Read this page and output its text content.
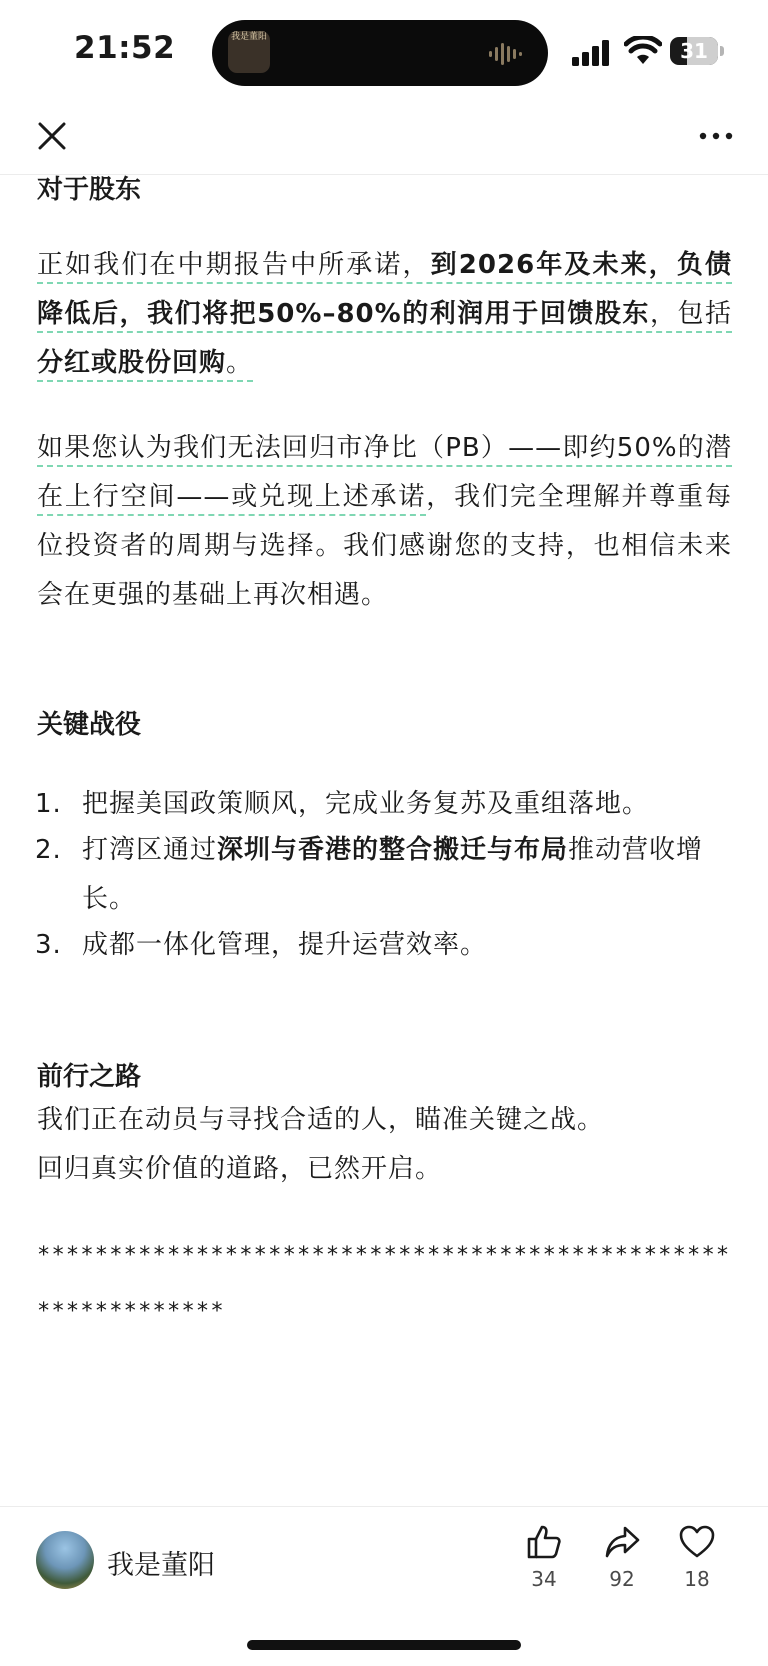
21:52	我是董阳
31

对于股东

正如我们在中期报告中所承诺，到2026年及未来，负债降低后，我们将把50%–80%的利润用于回馈股东，包括分红或股份回购。

如果您认为我们无法回归市净比（PB）——即约50%的潜在上行空间——或兑现上述承诺，我们完全理解并尊重每位投资者的周期与选择。我们感谢您的支持，也相信未来会在更强的基础上再次相遇。

关键战役

1. 把握美国政策顺风，完成业务复苏及重组落地。
2. 打湾区通过深圳与香港的整合搬迁与布局推动营收增长。
3. 成都一体化管理，提升运营效率。

前行之路

我们正在动员与寻找合适的人，瞄准关键之战。

回归真实价值的道路，已然开启。

*************************************************************

我是董阳	34	92	18
